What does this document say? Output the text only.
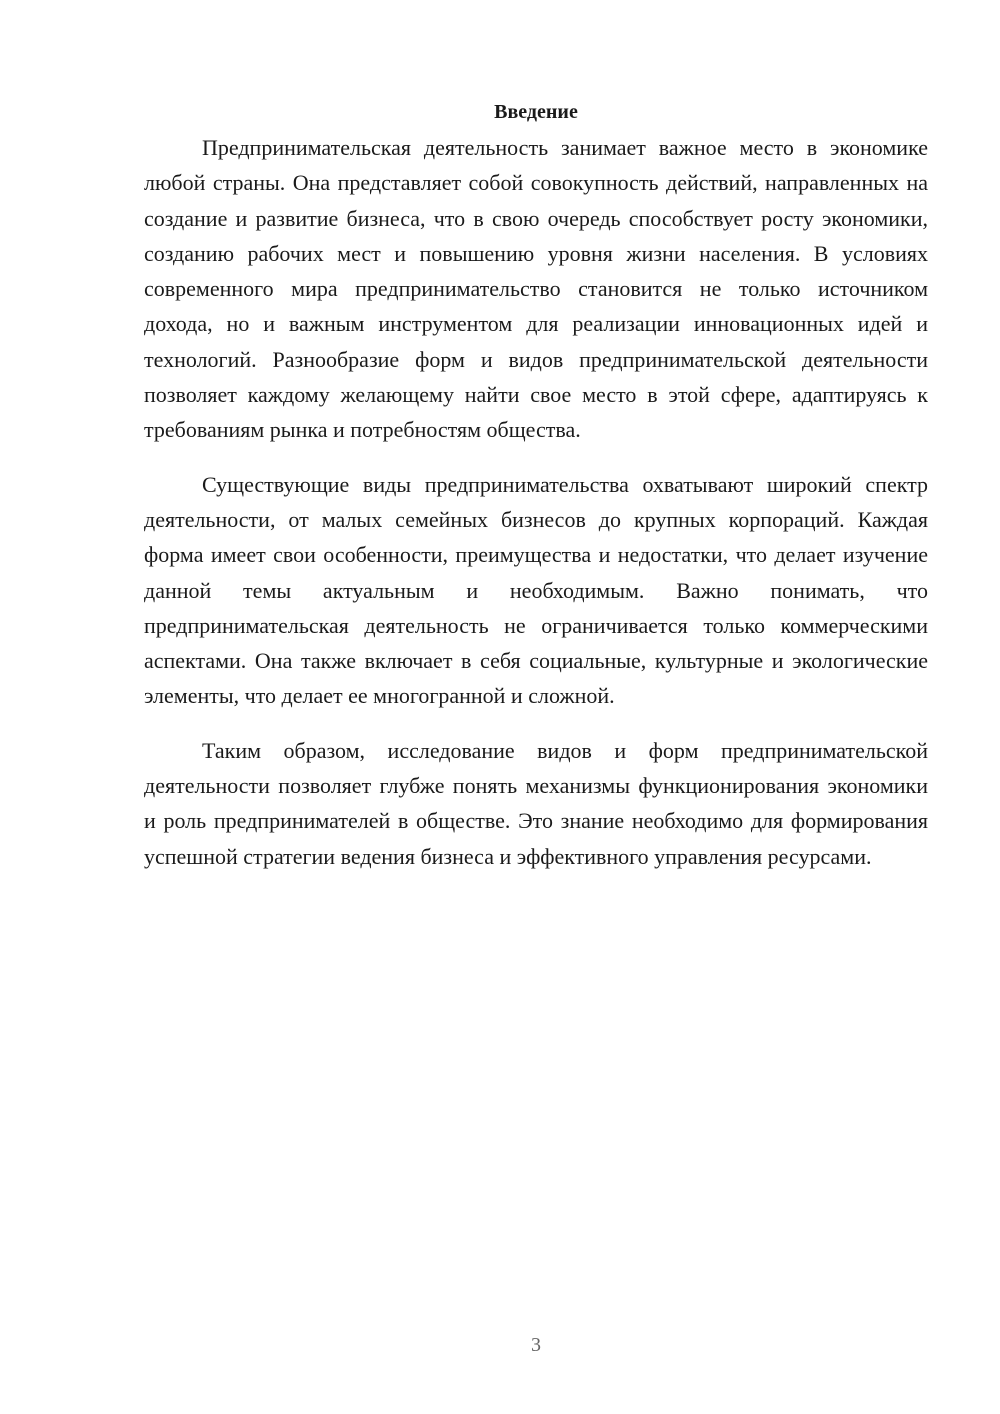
Введение

Предпринимательская деятельность занимает важное место в экономике любой страны. Она представляет собой совокупность действий, направленных на создание и развитие бизнеса, что в свою очередь способствует росту экономики, созданию рабочих мест и повышению уровня жизни населения. В условиях современного мира предпринимательство становится не только источником дохода, но и важным инструментом для реализации инновационных идей и технологий. Разнообразие форм и видов предпринимательской деятельности позволяет каждому желающему найти свое место в этой сфере, адаптируясь к требованиям рынка и потребностям общества.

Существующие виды предпринимательства охватывают широкий спектр деятельности, от малых семейных бизнесов до крупных корпораций. Каждая форма имеет свои особенности, преимущества и недостатки, что делает изучение данной темы актуальным и необходимым. Важно понимать, что предпринимательская деятельность не ограничивается только коммерческими аспектами. Она также включает в себя социальные, культурные и экологические элементы, что делает ее многогранной и сложной.

Таким образом, исследование видов и форм предпринимательской деятельности позволяет глубже понять механизмы функционирования экономики и роль предпринимателей в обществе. Это знание необходимо для формирования успешной стратегии ведения бизнеса и эффективного управления ресурсами.

3
